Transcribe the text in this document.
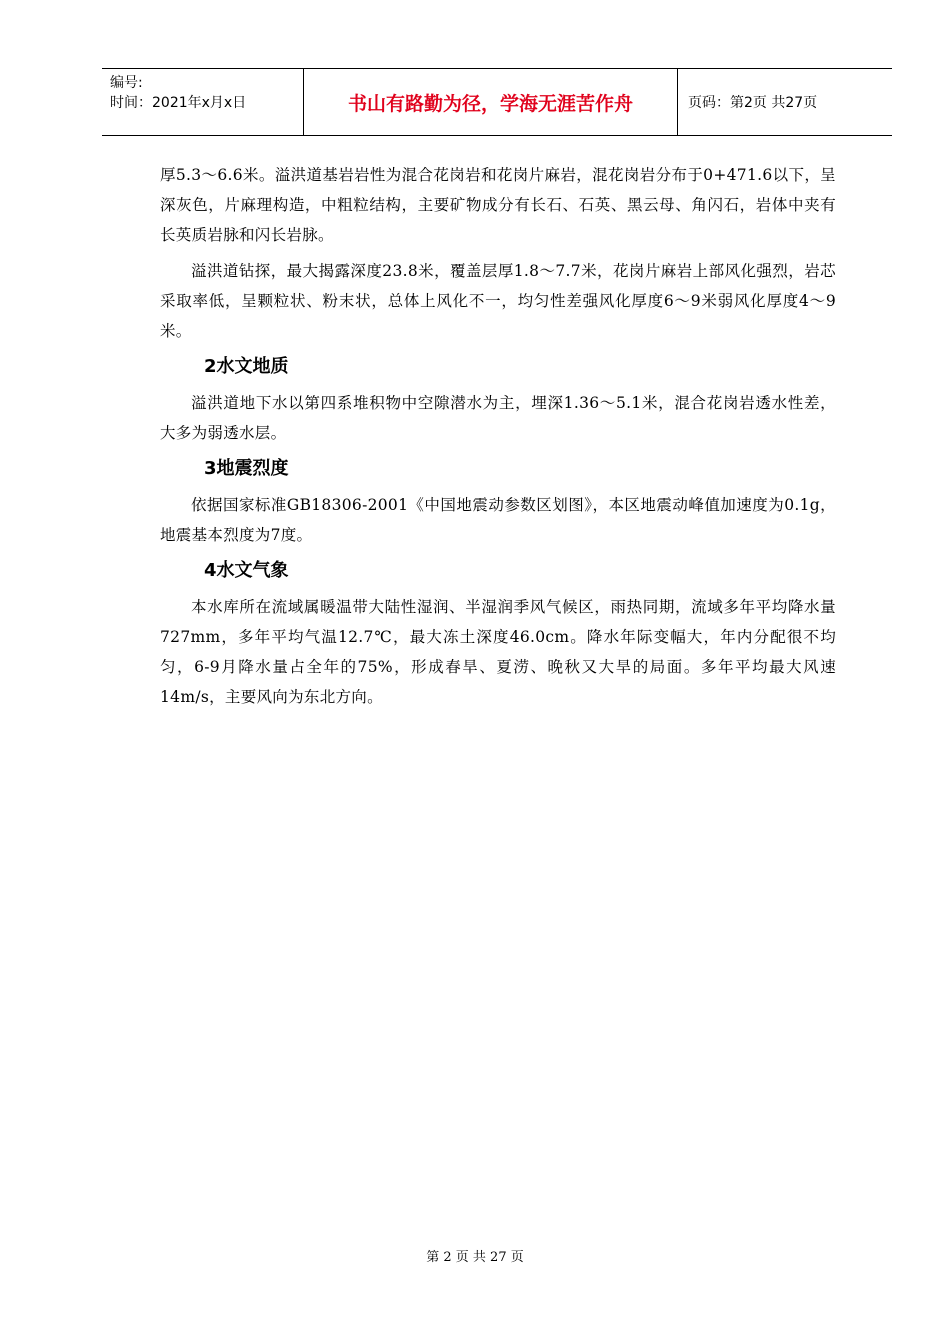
编号:
时间：2021年x月x日	书山有路勤为径，学海无涯苦作舟	页码：第2页 共27页

厚5.3～6.6米。溢洪道基岩岩性为混合花岗岩和花岗片麻岩，混花岗岩分布于0+471.6以下，呈深灰色，片麻理构造，中粗粒结构，主要矿物成分有长石、石英、黑云母、角闪石，岩体中夹有长英质岩脉和闪长岩脉。

溢洪道钻探，最大揭露深度23.8米，覆盖层厚1.8～7.7米，花岗片麻岩上部风化强烈，岩芯采取率低，呈颗粒状、粉末状，总体上风化不一，均匀性差强风化厚度6～9米弱风化厚度4～9米。

2水文地质

溢洪道地下水以第四系堆积物中空隙潜水为主，埋深1.36～5.1米，混合花岗岩透水性差，大多为弱透水层。

3地震烈度

依据国家标准GB18306-2001《中国地震动参数区划图》，本区地震动峰值加速度为0.1g，地震基本烈度为7度。

4水文气象

本水库所在流域属暖温带大陆性湿润、半湿润季风气候区，雨热同期，流域多年平均降水量727mm，多年平均气温12.7℃，最大冻土深度46.0cm。降水年际变幅大，年内分配很不均匀，6-9月降水量占全年的75%，形成春旱、夏涝、晚秋又大旱的局面。多年平均最大风速14m/s，主要风向为东北方向。

第 2 页 共 27 页
